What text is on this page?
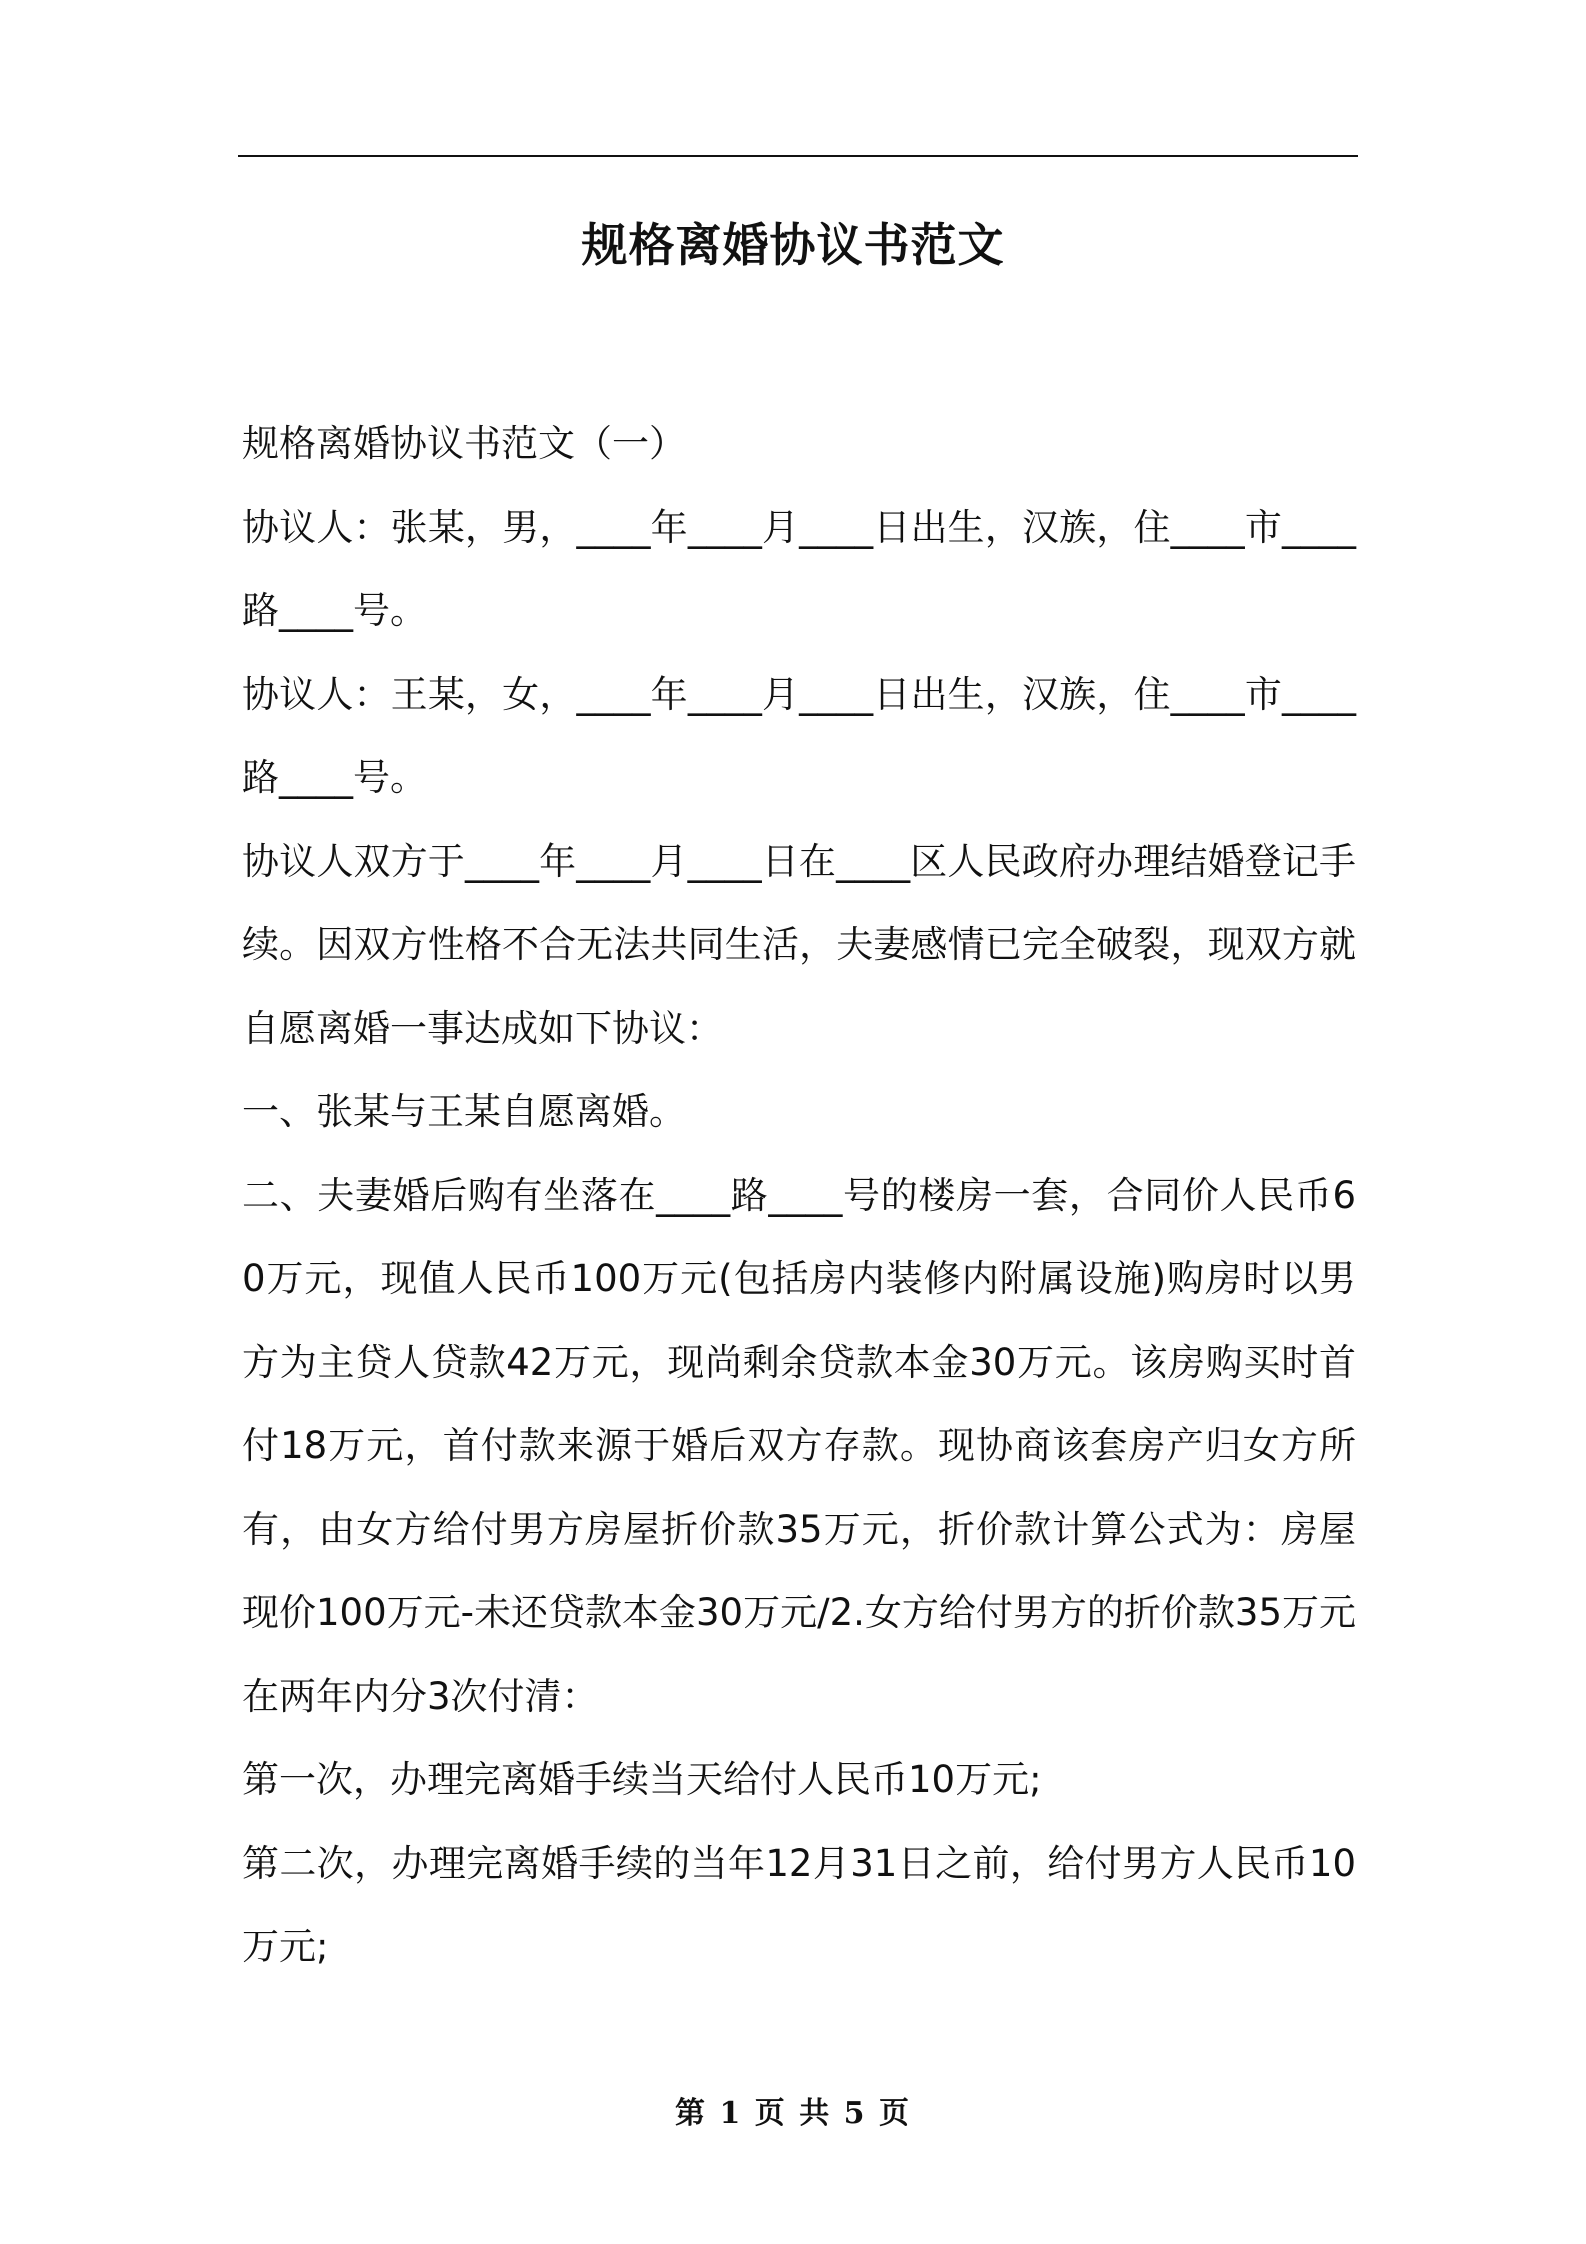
规格离婚协议书范文

规格离婚协议书范文（一）

协议人：张某，男，____年____月____日出生，汉族，住____市____路____号。

协议人：王某，女，____年____月____日出生，汉族，住____市____路____号。

协议人双方于____年____月____日在____区人民政府办理结婚登记手续。因双方性格不合无法共同生活，夫妻感情已完全破裂，现双方就自愿离婚一事达成如下协议：

一、张某与王某自愿离婚。

二、夫妻婚后购有坐落在____路____号的楼房一套，合同价人民币60万元，现值人民币100万元(包括房内装修内附属设施)购房时以男方为主贷人贷款42万元，现尚剩余贷款本金30万元。该房购买时首付18万元，首付款来源于婚后双方存款。现协商该套房产归女方所有，由女方给付男方房屋折价款35万元，折价款计算公式为：房屋现价100万元-未还贷款本金30万元/2.女方给付男方的折价款35万元在两年内分3次付清：

第一次，办理完离婚手续当天给付人民币10万元;

第二次，办理完离婚手续的当年12月31日之前，给付男方人民币10万元;

第 1 页 共 5 页
